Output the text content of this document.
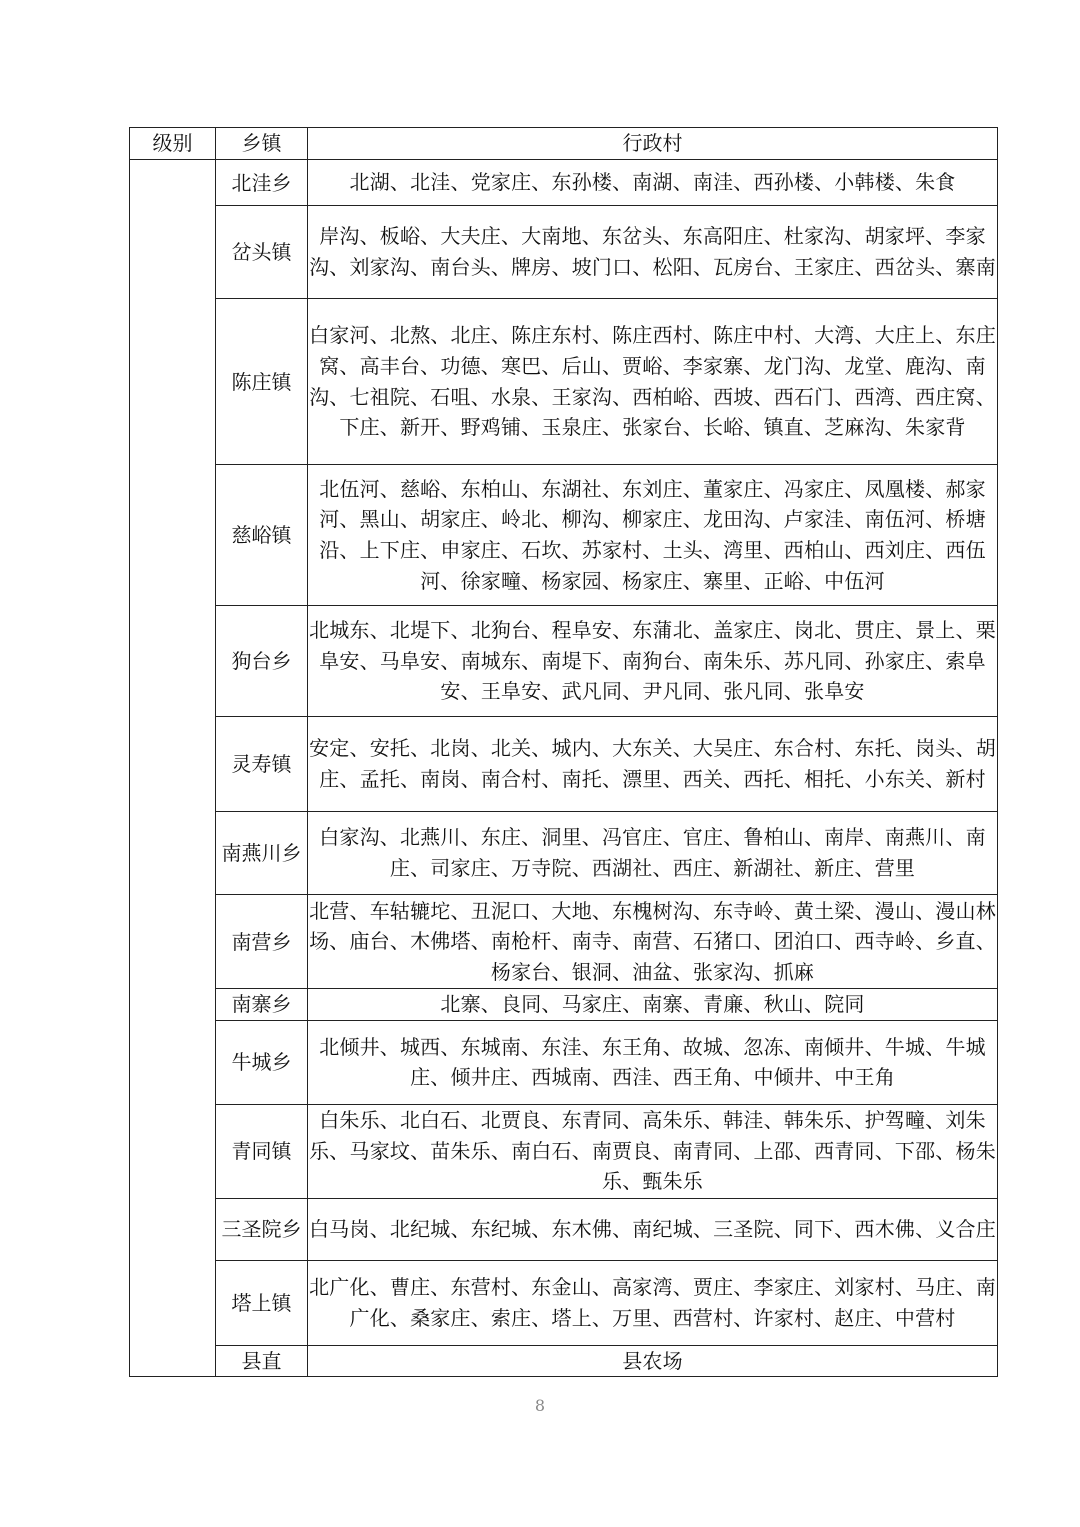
级别	乡镇	行政村
	北洼乡	北湖、北洼、党家庄、东孙楼、南湖、南洼、西孙楼、小韩楼、朱食
	岔头镇	岸沟、板峪、大夫庄、大南地、东岔头、东高阳庄、杜家沟、胡家坪、李家沟、刘家沟、南台头、牌房、坡门口、松阳、瓦房台、王家庄、西岔头、寨南
	陈庄镇	白家河、北熬、北庄、陈庄东村、陈庄西村、陈庄中村、大湾、大庄上、东庄窝、高丰台、功德、寒巴、后山、贾峪、李家寨、龙门沟、龙堂、鹿沟、南沟、七祖院、石咀、水泉、王家沟、西柏峪、西坡、西石门、西湾、西庄窝、下庄、新开、野鸡铺、玉泉庄、张家台、长峪、镇直、芝麻沟、朱家背
	慈峪镇	北伍河、慈峪、东柏山、东湖社、东刘庄、董家庄、冯家庄、凤凰楼、郝家河、黑山、胡家庄、岭北、柳沟、柳家庄、龙田沟、卢家洼、南伍河、桥塘沿、上下庄、申家庄、石坎、苏家村、土头、湾里、西柏山、西刘庄、西伍河、徐家疃、杨家园、杨家庄、寨里、正峪、中伍河
	狗台乡	北城东、北堤下、北狗台、程阜安、东蒲北、盖家庄、岗北、贯庄、景上、栗阜安、马阜安、南城东、南堤下、南狗台、南朱乐、苏凡同、孙家庄、索阜安、王阜安、武凡同、尹凡同、张凡同、张阜安
	灵寿镇	安定、安托、北岗、北关、城内、大东关、大吴庄、东合村、东托、岗头、胡庄、孟托、南岗、南合村、南托、漂里、西关、西托、相托、小东关、新村
	南燕川乡	白家沟、北燕川、东庄、洞里、冯官庄、官庄、鲁柏山、南岸、南燕川、南庄、司家庄、万寺院、西湖社、西庄、新湖社、新庄、营里
	南营乡	北营、车轱辘坨、丑泥口、大地、东槐树沟、东寺岭、黄土梁、漫山、漫山林场、庙台、木佛塔、南枪杆、南寺、南营、石猪口、团泊口、西寺岭、乡直、杨家台、银洞、油盆、张家沟、抓麻
	南寨乡	北寨、良同、马家庄、南寨、青廉、秋山、院同
	牛城乡	北倾井、城西、东城南、东洼、东王角、故城、忽冻、南倾井、牛城、牛城庄、倾井庄、西城南、西洼、西王角、中倾井、中王角
	青同镇	白朱乐、北白石、北贾良、东青同、高朱乐、韩洼、韩朱乐、护驾疃、刘朱乐、马家坟、苗朱乐、南白石、南贾良、南青同、上邵、西青同、下邵、杨朱乐、甄朱乐
	三圣院乡	白马岗、北纪城、东纪城、东木佛、南纪城、三圣院、同下、西木佛、义合庄
	塔上镇	北广化、曹庄、东营村、东金山、高家湾、贾庄、李家庄、刘家村、马庄、南广化、桑家庄、索庄、塔上、万里、西营村、许家村、赵庄、中营村
	县直	县农场
8
